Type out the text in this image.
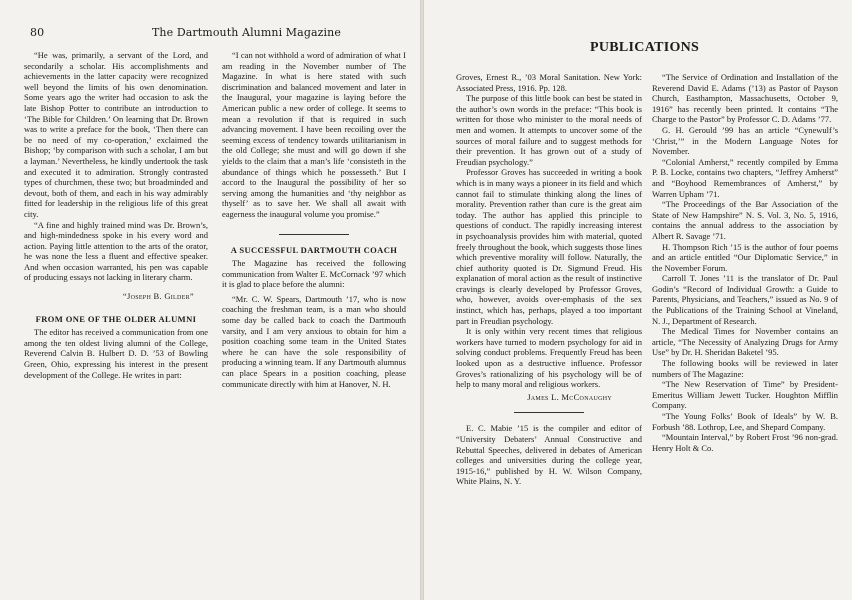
80	The Dartmouth Alumni Magazine

“He was, primarily, a servant of the Lord, and secondarily a scholar. His accomplishments and achievements in the latter capacity were recognized well beyond the limits of his own denomination. Some years ago the writer had occasion to ask the late Bishop Potter to contribute an introduction to ‘The Bible for Children.’ On learning that Dr. Brown was to write a preface for the book, ‘Then there can be no need of my co-operation,’ exclaimed the Bishop; ‘by comparison with such a scholar, I am but a layman.’ Nevertheless, he kindly undertook the task and executed it to admiration. Strongly contrasted types of churchmen, these two; but broadminded and devout, both of them, and each in his way admirably fitted for leadership in the religious life of this great city.

“A fine and highly trained mind was Dr. Brown’s, and high-mindedness spoke in his every word and action. Paying little attention to the arts of the orator, he was none the less a fluent and effective speaker. And when occasion warranted, his pen was capable of producing essays not lacking in literary charm.

“Joseph B. Gilder”
FROM ONE OF THE OLDER ALUMNI

The editor has received a communication from one among the ten oldest living alumni of the College, Reverend Calvin B. Hulbert D. D. ’53 of Bowling Green, Ohio, expressing his interest in the present development of the College. He writes in part:

“I can not withhold a word of admiration of what I am reading in the November number of The Magazine. In what is here stated with such discrimination and balanced movement and later in the Inaugural, your magazine is laying before the American public a new order of college. It seems to mean a revolution if that is required in such advancing movement. I have been recoiling over the seeming excess of tendency towards utilitarianism in the old College; she must and will go down if she yields to the claim that a man’s life ‘consisteth in the abundance of things which he possesseth.’ But I accord to the Inaugural the possibility of her so serving among the humanities and ‘thy neighbor as thyself’ as to save her. We shall all await with eagerness the inaugural volume you promise.”

A SUCCESSFUL DARTMOUTH COACH

The Magazine has received the following communication from Walter E. McCornack ’97 which it is glad to place before the alumni:

“Mr. C. W. Spears, Dartmouth ’17, who is now coaching the freshman team, is a man who should some day be called back to coach the Dartmouth varsity, and I am very anxious to obtain for him a position coaching some team in the United States where he can have the sole responsibility of producing a winning team. If any Dartmouth alumnus can place Spears in a position coaching, please communicate directly with him at Hanover, N. H.

Groves, Ernest R., ’03 Moral Sanitation. New York: Associated Press, 1916. Pp. 128.

The purpose of this little book can best be stated in the author’s own words in the preface: “This book is written for those who minister to the moral needs of men and women. It attempts to uncover some of the sources of moral failure and to suggest methods for their prevention. It has grown out of a study of Freudian psychology.”

Professor Groves has succeeded in writing a book which is in many ways a pioneer in its field and which cannot fail to stimulate thinking along the lines of morality. Prevention rather than cure is the great aim today. The author has applied this principle to questions of conduct. The rapidly increasing interest in psychoanalysis provides him with material, quoted freely throughout the book, which suggests those lines which preventive morality will follow. Naturally, the chief authority quoted is Dr. Sigmund Freud. His explanation of moral action as the result of instinctive cravings is clearly developed by Professor Groves, who, however, avoids over-emphasis of the sex instinct, which has, perhaps, played a too important part in Freudian psychology.

It is only within very recent times that religious workers have turned to modern psychology for aid in solving conduct problems. Frequently Freud has been looked upon as a destructive influence. Professor Groves’s rationalizing of his psychology will be of help to many moral and religious workers.

James L. McConaughy

E. C. Mabie ’15 is the compiler and editor of “University Debaters’ Annual Constructive and Rebuttal Speeches, delivered in debates of American colleges and universities during the college year, 1915-16,” published by H. W. Wilson Company, White Plains, N. Y.

“The Service of Ordination and Installation of the Reverend David E. Adams (’13) as Pastor of Payson Church, Easthampton, Massachusetts, October 9, 1916” has recently been printed. It contains “The Charge to the Pastor” by Professor C. D. Adams ’77.

G. H. Gerould ’99 has an article “Cynewulf’s ‘Christ,’” in the Modern Language Notes for November.

“Colonial Amherst,” recently compiled by Emma P. B. Locke, contains two chapters, “Jeffrey Amherst” and “Boyhood Remembrances of Amherst,” by Warren Upham ’71.

“The Proceedings of the Bar Association of the State of New Hampshire” N. S. Vol. 3, No. 5, 1916, contains the annual address to the association by Albert R. Savage ’71.

H. Thompson Rich ’15 is the author of four poems and an article entitled “Our Diplomatic Service,” in the November Forum.

Carroll T. Jones ’11 is the translator of Dr. Paul Godin’s “Record of Individual Growth: a Guide to Parents, Physicians, and Teachers,” issued as No. 9 of the Publications of the Training School at Vineland, N. J., Department of Research.

The Medical Times for November contains an article, “The Necessity of Analyzing Drugs for Army Use” by Dr. H. Sheridan Baketel ’95.

The following books will be reviewed in later numbers of The Magazine:

“The New Reservation of Time” by President-Emeritus William Jewett Tucker. Houghton Mifflin Company.

“The Young Folks’ Book of Ideals” by W. B. Forbush ’88. Lothrop, Lee, and Shepard Company.

“Mountain Interval,” by Robert Frost ’96 non-grad. Henry Holt & Co.

PUBLICATIONS
